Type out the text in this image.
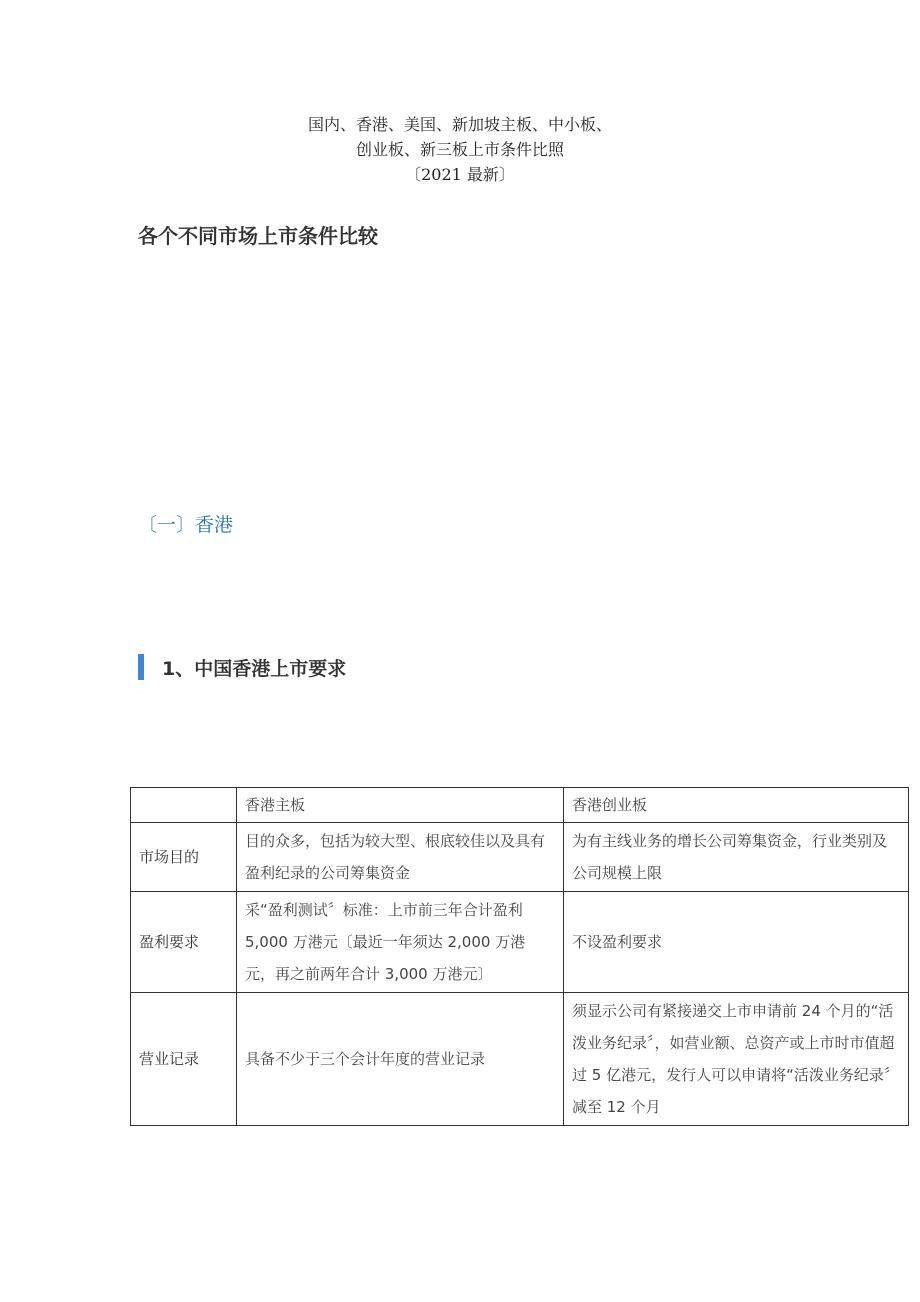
国内、香港、美国、新加坡主板、中小板、
创业板、新三板上市条件比照
〔2021 最新〕
各个不同市场上市条件比较
〔一〕香港
1、中国香港上市要求
	香港主板	香港创业板
市场目的	目的众多，包括为较大型、根底较佳以及具有盈利纪录的公司筹集资金	为有主线业务的增长公司筹集资金，行业类别及公司规模上限
盈利要求	采“盈利测试〞标准：上市前三年合计盈利 5,000 万港元〔最近一年须达 2,000 万港元，再之前两年合计 3,000 万港元〕	不设盈利要求
营业记录	具备不少于三个会计年度的营业记录	须显示公司有紧接递交上市申请前 24 个月的“活泼业务纪录〞，如营业额、总资产或上市时市值超过 5 亿港元，发行人可以申请将“活泼业务纪录〞减至 12 个月
